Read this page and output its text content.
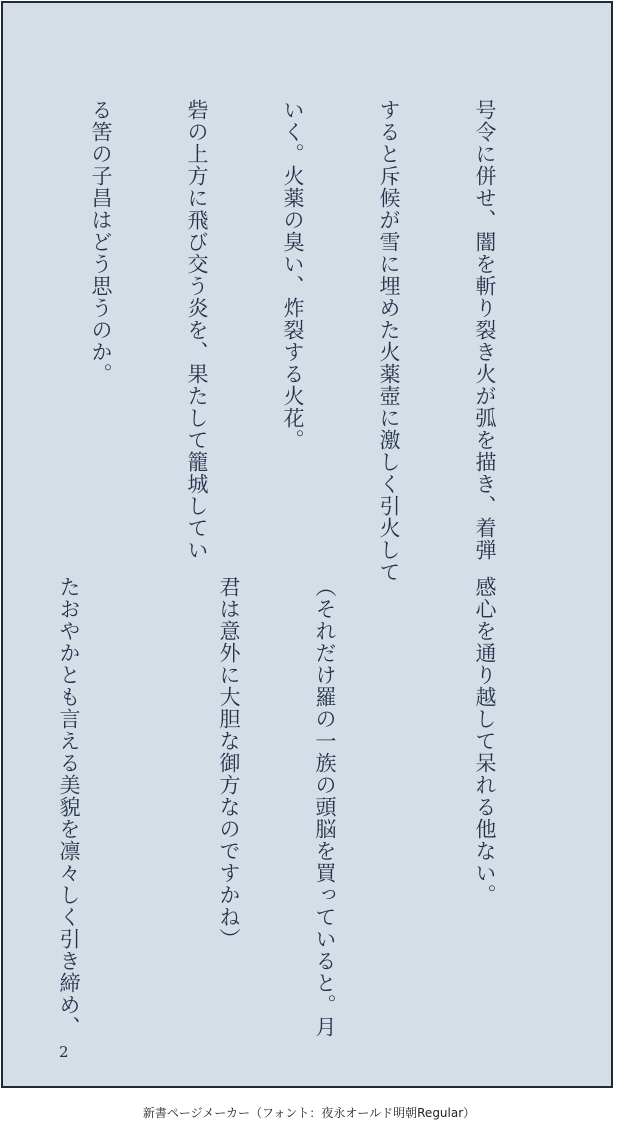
号令に併せ、闇を斬り裂き火が弧を描き、着弾

すると斥候が雪に埋めた火薬壺に激しく引火して

いく。火薬の臭い、炸裂する火花。

砦の上方に飛び交う炎を、果たして籠城してい

る筈の子昌はどう思うのか。

感心を通り越して呆れる他ない。

（それだけ羅の一族の頭脳を買っていると。月

君は意外に大胆な御方なのですかね）

たおやかとも言える美貌を凛々しく引き締め、

2
新書ページメーカー（フォント：夜永オールド明朝Regular）
